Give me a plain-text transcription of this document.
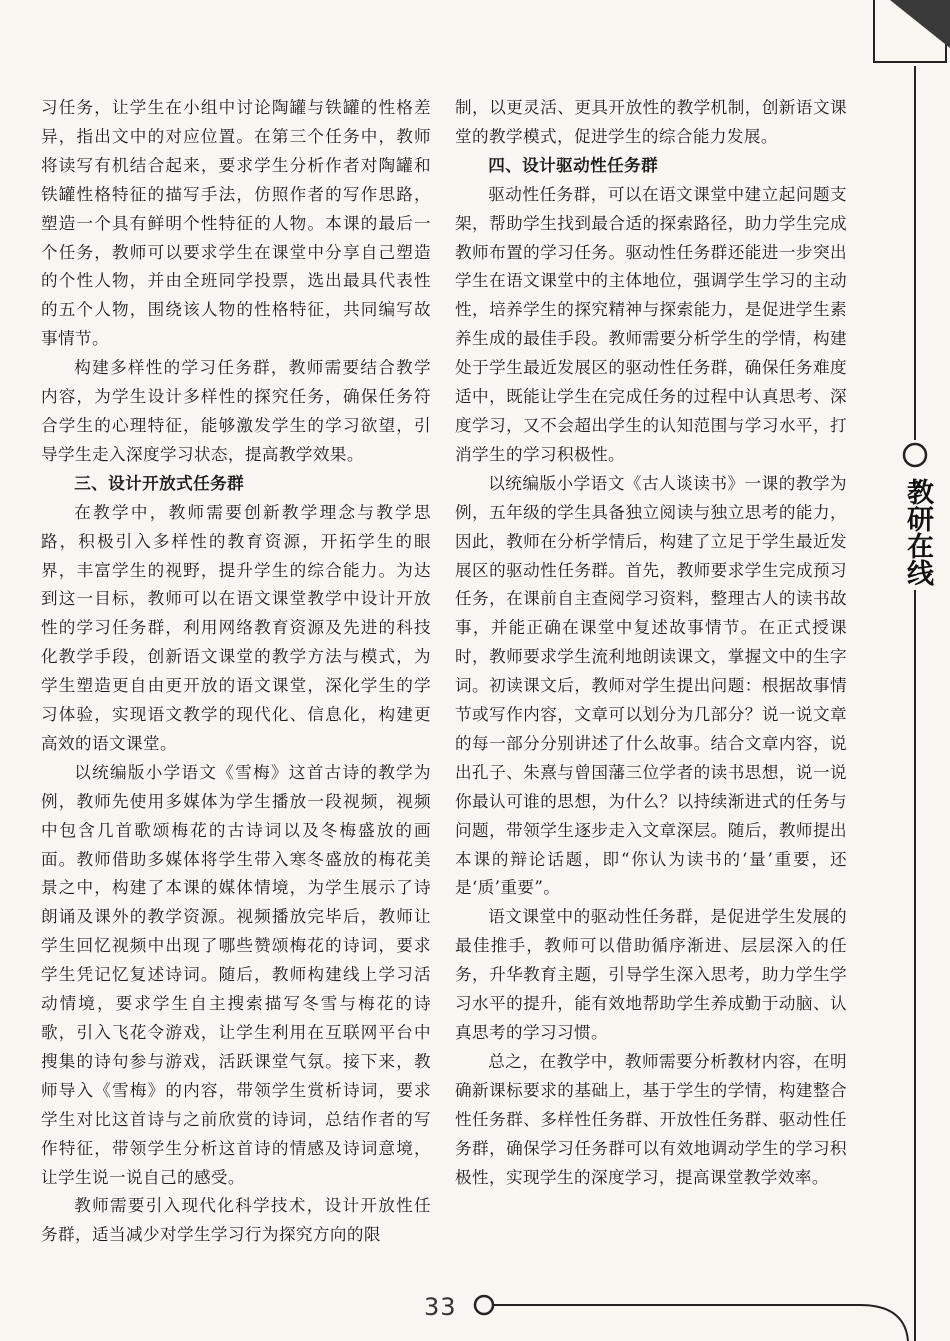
习任务，让学生在小组中讨论陶罐与铁罐的性格差异，指出文中的对应位置。在第三个任务中，教师将读写有机结合起来，要求学生分析作者对陶罐和铁罐性格特征的描写手法，仿照作者的写作思路，塑造一个具有鲜明个性特征的人物。本课的最后一个任务，教师可以要求学生在课堂中分享自己塑造的个性人物，并由全班同学投票，选出最具代表性的五个人物，围绕该人物的性格特征，共同编写故事情节。

构建多样性的学习任务群，教师需要结合教学内容，为学生设计多样性的探究任务，确保任务符合学生的心理特征，能够激发学生的学习欲望，引导学生走入深度学习状态，提高教学效果。

三、设计开放式任务群

在教学中，教师需要创新教学理念与教学思路，积极引入多样性的教育资源，开拓学生的眼界，丰富学生的视野，提升学生的综合能力。为达到这一目标，教师可以在语文课堂教学中设计开放性的学习任务群，利用网络教育资源及先进的科技化教学手段，创新语文课堂的教学方法与模式，为学生塑造更自由更开放的语文课堂，深化学生的学习体验，实现语文教学的现代化、信息化，构建更高效的语文课堂。

以统编版小学语文《雪梅》这首古诗的教学为例，教师先使用多媒体为学生播放一段视频，视频中包含几首歌颂梅花的古诗词以及冬梅盛放的画面。教师借助多媒体将学生带入寒冬盛放的梅花美景之中，构建了本课的媒体情境，为学生展示了诗朗诵及课外的教学资源。视频播放完毕后，教师让学生回忆视频中出现了哪些赞颂梅花的诗词，要求学生凭记忆复述诗词。随后，教师构建线上学习活动情境，要求学生自主搜索描写冬雪与梅花的诗歌，引入飞花令游戏，让学生利用在互联网平台中搜集的诗句参与游戏，活跃课堂气氛。接下来，教师导入《雪梅》的内容，带领学生赏析诗词，要求学生对比这首诗与之前欣赏的诗词，总结作者的写作特征，带领学生分析这首诗的情感及诗词意境，让学生说一说自己的感受。

教师需要引入现代化科学技术，设计开放性任务群，适当减少对学生学习行为探究方向的限

制，以更灵活、更具开放性的教学机制，创新语文课堂的教学模式，促进学生的综合能力发展。

四、设计驱动性任务群

驱动性任务群，可以在语文课堂中建立起问题支架，帮助学生找到最合适的探索路径，助力学生完成教师布置的学习任务。驱动性任务群还能进一步突出学生在语文课堂中的主体地位，强调学生学习的主动性，培养学生的探究精神与探索能力，是促进学生素养生成的最佳手段。教师需要分析学生的学情，构建处于学生最近发展区的驱动性任务群，确保任务难度适中，既能让学生在完成任务的过程中认真思考、深度学习，又不会超出学生的认知范围与学习水平，打消学生的学习积极性。

以统编版小学语文《古人谈读书》一课的教学为例，五年级的学生具备独立阅读与独立思考的能力，因此，教师在分析学情后，构建了立足于学生最近发展区的驱动性任务群。首先，教师要求学生完成预习任务，在课前自主查阅学习资料，整理古人的读书故事，并能正确在课堂中复述故事情节。在正式授课时，教师要求学生流利地朗读课文，掌握文中的生字词。初读课文后，教师对学生提出问题：根据故事情节或写作内容，文章可以划分为几部分？说一说文章的每一部分分别讲述了什么故事。结合文章内容，说出孔子、朱熹与曾国藩三位学者的读书思想，说一说你最认可谁的思想，为什么？以持续渐进式的任务与问题，带领学生逐步走入文章深层。随后，教师提出本课的辩论话题，即“你认为读书的‘量’重要，还是‘质’重要”。

语文课堂中的驱动性任务群，是促进学生发展的最佳推手，教师可以借助循序渐进、层层深入的任务，升华教育主题，引导学生深入思考，助力学生学习水平的提升，能有效地帮助学生养成勤于动脑、认真思考的学习习惯。

总之，在教学中，教师需要分析教材内容，在明确新课标要求的基础上，基于学生的学情，构建整合性任务群、多样性任务群、开放性任务群、驱动性任务群，确保学习任务群可以有效地调动学生的学习积极性，实现学生的深度学习，提高课堂教学效率。

教研在线
33
